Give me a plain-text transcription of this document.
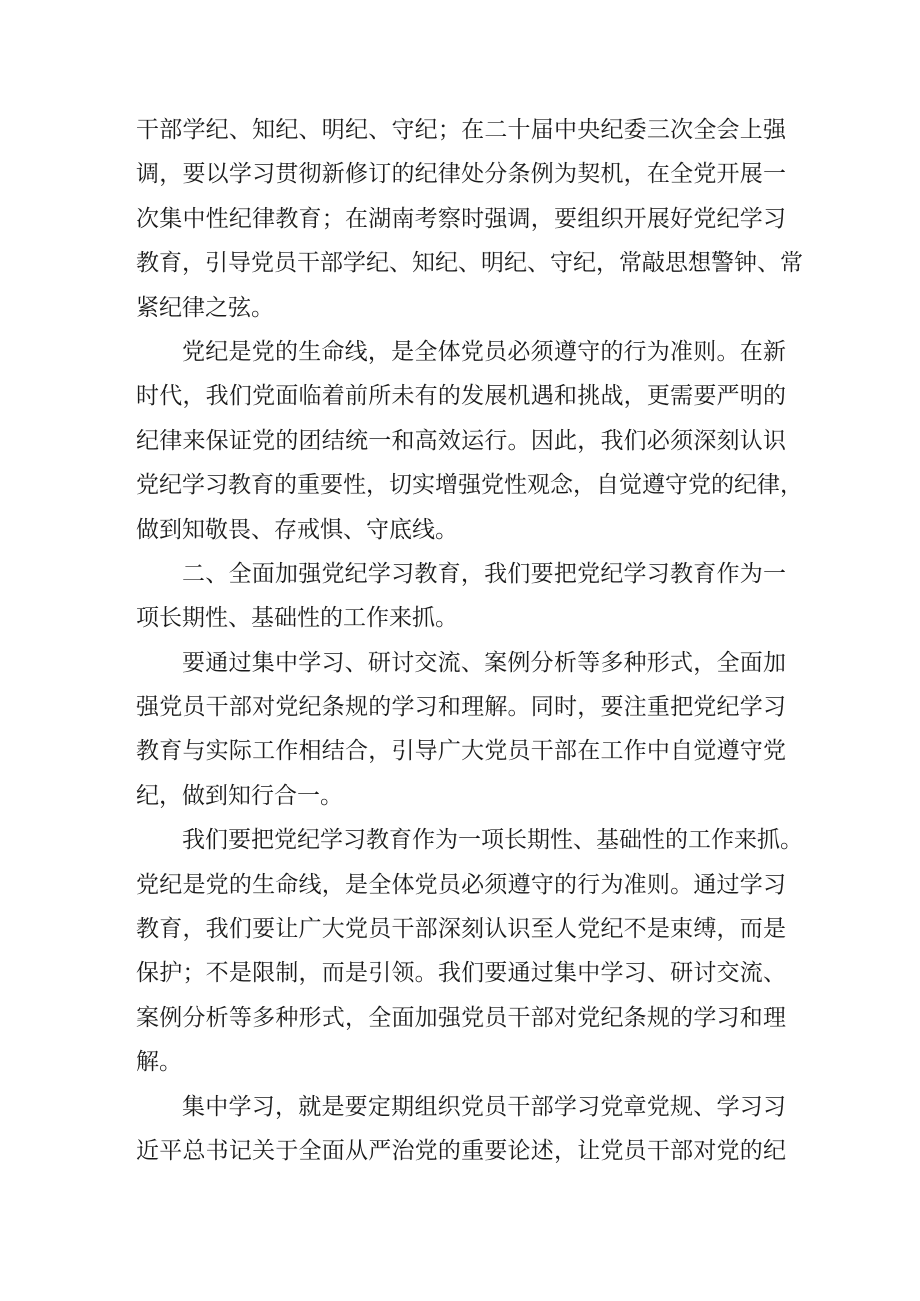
干部学纪、知纪、明纪、守纪；在二十届中央纪委三次全会上强
调，要以学习贯彻新修订的纪律处分条例为契机，在全党开展一
次集中性纪律教育；在湖南考察时强调，要组织开展好党纪学习
教育，引导党员干部学纪、知纪、明纪、守纪，常敲思想警钟、常
紧纪律之弦。
党纪是党的生命线，是全体党员必须遵守的行为准则。在新
时代，我们党面临着前所未有的发展机遇和挑战，更需要严明的
纪律来保证党的团结统一和高效运行。因此，我们必须深刻认识
党纪学习教育的重要性，切实增强党性观念，自觉遵守党的纪律，
做到知敬畏、存戒惧、守底线。
二、全面加强党纪学习教育，我们要把党纪学习教育作为一
项长期性、基础性的工作来抓。
要通过集中学习、研讨交流、案例分析等多种形式，全面加
强党员干部对党纪条规的学习和理解。同时，要注重把党纪学习
教育与实际工作相结合，引导广大党员干部在工作中自觉遵守党
纪，做到知行合一。
我们要把党纪学习教育作为一项长期性、基础性的工作来抓。
党纪是党的生命线，是全体党员必须遵守的行为准则。通过学习
教育，我们要让广大党员干部深刻认识至人党纪不是束缚，而是
保护；不是限制，而是引领。我们要通过集中学习、研讨交流、
案例分析等多种形式，全面加强党员干部对党纪条规的学习和理
解。
集中学习，就是要定期组织党员干部学习党章党规、学习习
近平总书记关于全面从严治党的重要论述，让党员干部对党的纪
